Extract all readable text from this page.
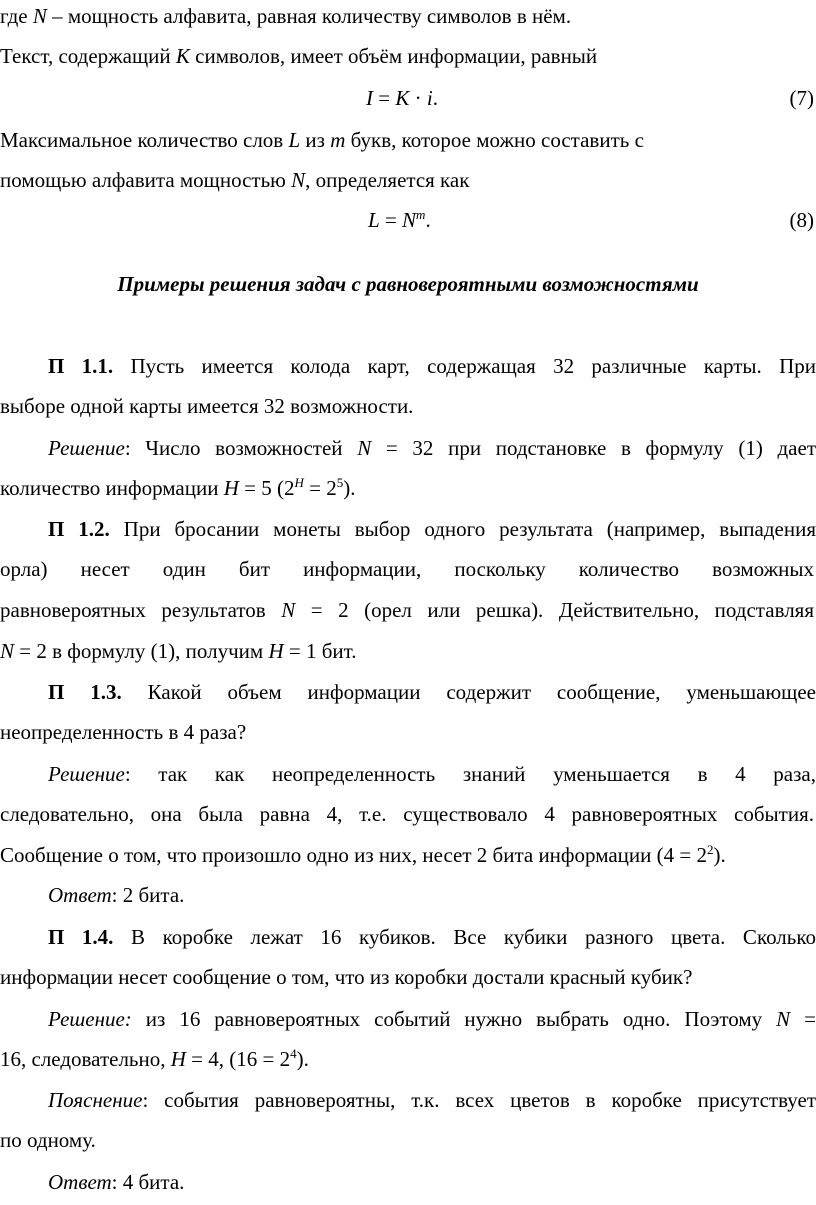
где N – мощность алфавита, равная количеству символов в нём.
Текст, содержащий K символов, имеет объём информации, равный
I = K · i.	(7)
Максимальное количество слов L из m букв, которое можно составить с
помощью алфавита мощностью N, определяется как
$L = N^m$.	(8)
Примеры решения задач с равновероятными возможностями
П 1.1. Пусть имеется колода карт, содержащая 32 различные карты. При
выборе одной карты имеется 32 возможности.
Решение: Число возможностей N = 32 при подстановке в формулу (1) дает
количество информации H = 5 $(2^H = 2^5)$.
П 1.2. При бросании монеты выбор одного результата (например, выпадения
орла) несет один бит информации, поскольку количество возможных
равновероятных результатов N = 2 (орел или решка). Действительно, подставляя
N = 2 в формулу (1), получим H = 1 бит.
П 1.3. Какой объем информации содержит сообщение, уменьшающее
неопределенность в 4 раза?
Решение: так как неопределенность знаний уменьшается в 4 раза,
следовательно, она была равна 4, т.е. существовало 4 равновероятных события.
Сообщение о том, что произошло одно из них, несет 2 бита информации $(4 = 2^2)$.
Ответ: 2 бита.
П 1.4. В коробке лежат 16 кубиков. Все кубики разного цвета. Сколько
информации несет сообщение о том, что из коробки достали красный кубик?
Решение: из 16 равновероятных событий нужно выбрать одно. Поэтому N =
16, следовательно, H = 4, $(16 = 2^4)$.
Пояснение: события равновероятны, т.к. всех цветов в коробке присутствует
по одному.
Ответ: 4 бита.
